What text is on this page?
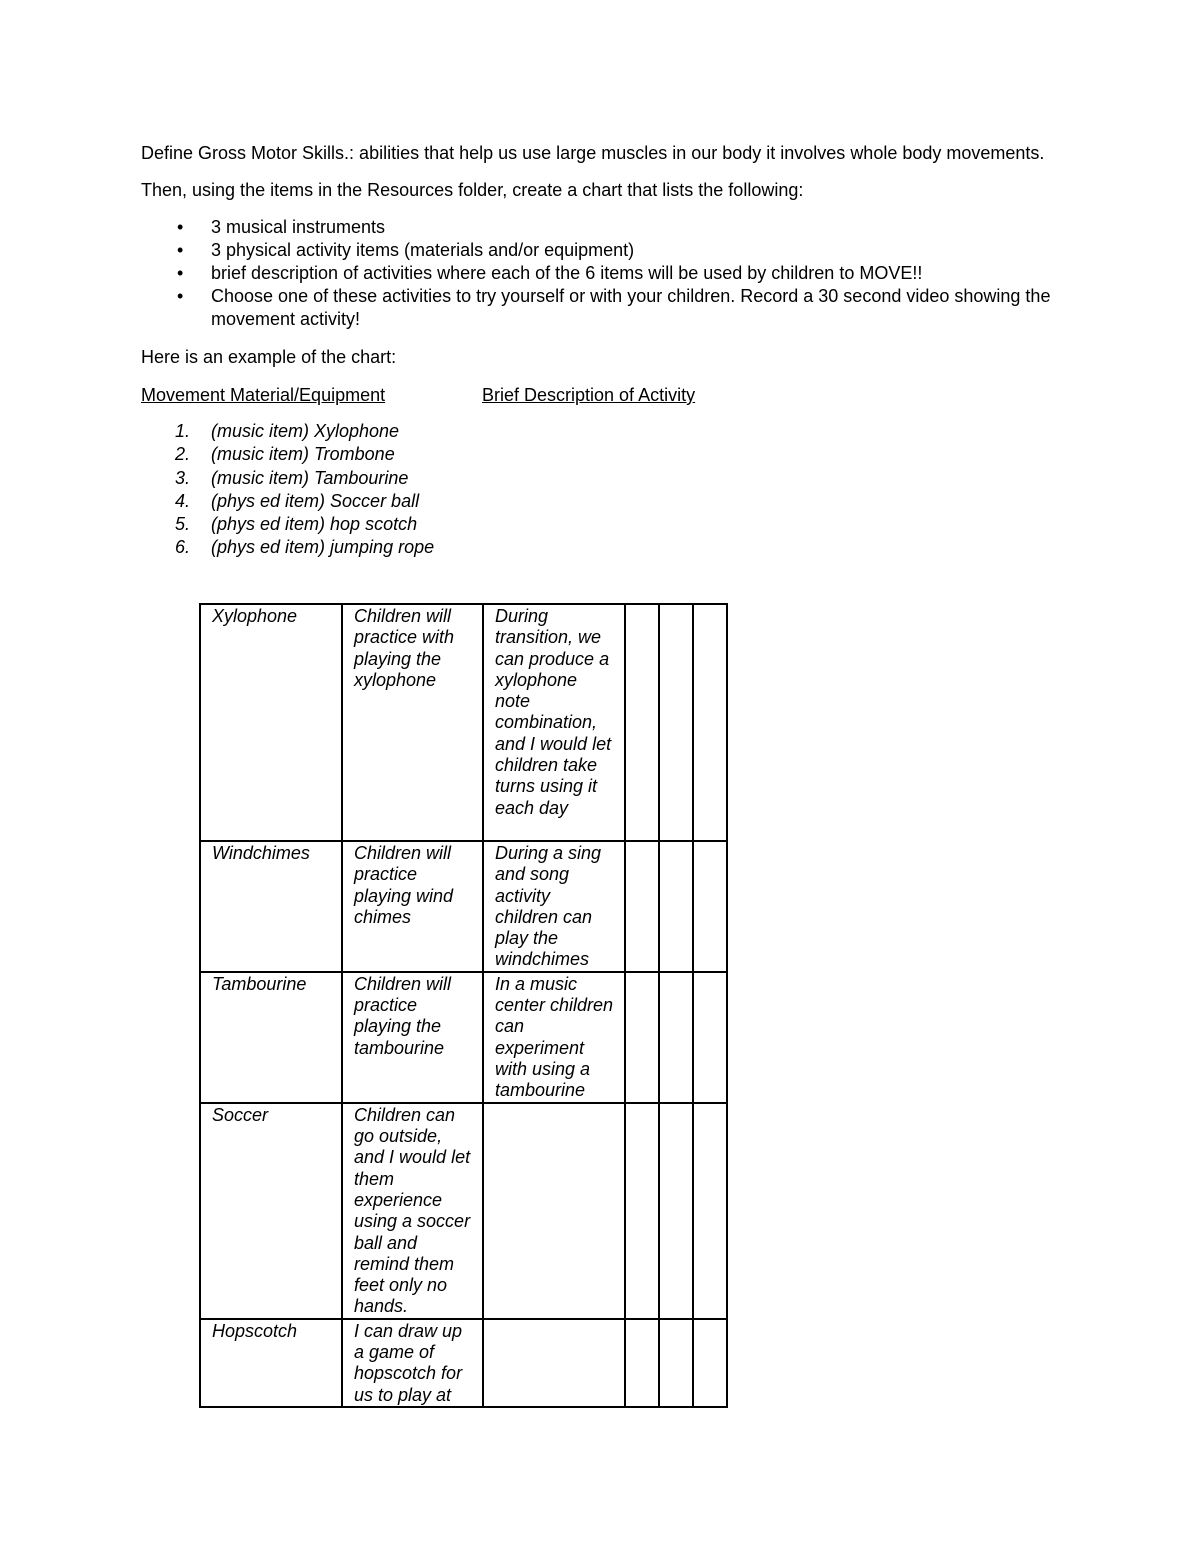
Define Gross Motor Skills.: abilities that help us use large muscles in our body it involves whole body movements.

Then, using the items in the Resources folder, create a chart that lists the following:

• 3 musical instruments
• 3 physical activity items (materials and/or equipment)
• brief description of activities where each of the 6 items will be used by children to MOVE!!
• Choose one of these activities to try yourself or with your children. Record a 30 second video showing the movement activity!

Here is an example of the chart:

Movement Material/Equipment	Brief Description of Activity
1. (music item) Xylophone
2. (music item) Trombone
3. (music item) Tambourine
4. (phys ed item) Soccer ball
5. (phys ed item) hop scotch
6. (phys ed item) jumping rope
Xylophone	Children will practice with playing the xylophone	During transition, we can produce a xylophone note combination, and I would let children take turns using it each day			
Windchimes	Children will practice playing wind chimes	During a sing and song activity children can play the windchimes			
Tambourine	Children will practice playing the tambourine	In a music center children can experiment with using a tambourine			
Soccer	Children can go outside, and I would let them experience using a soccer ball and remind them feet only no hands.				
Hopscotch	I can draw up a game of hopscotch for us to play at				
